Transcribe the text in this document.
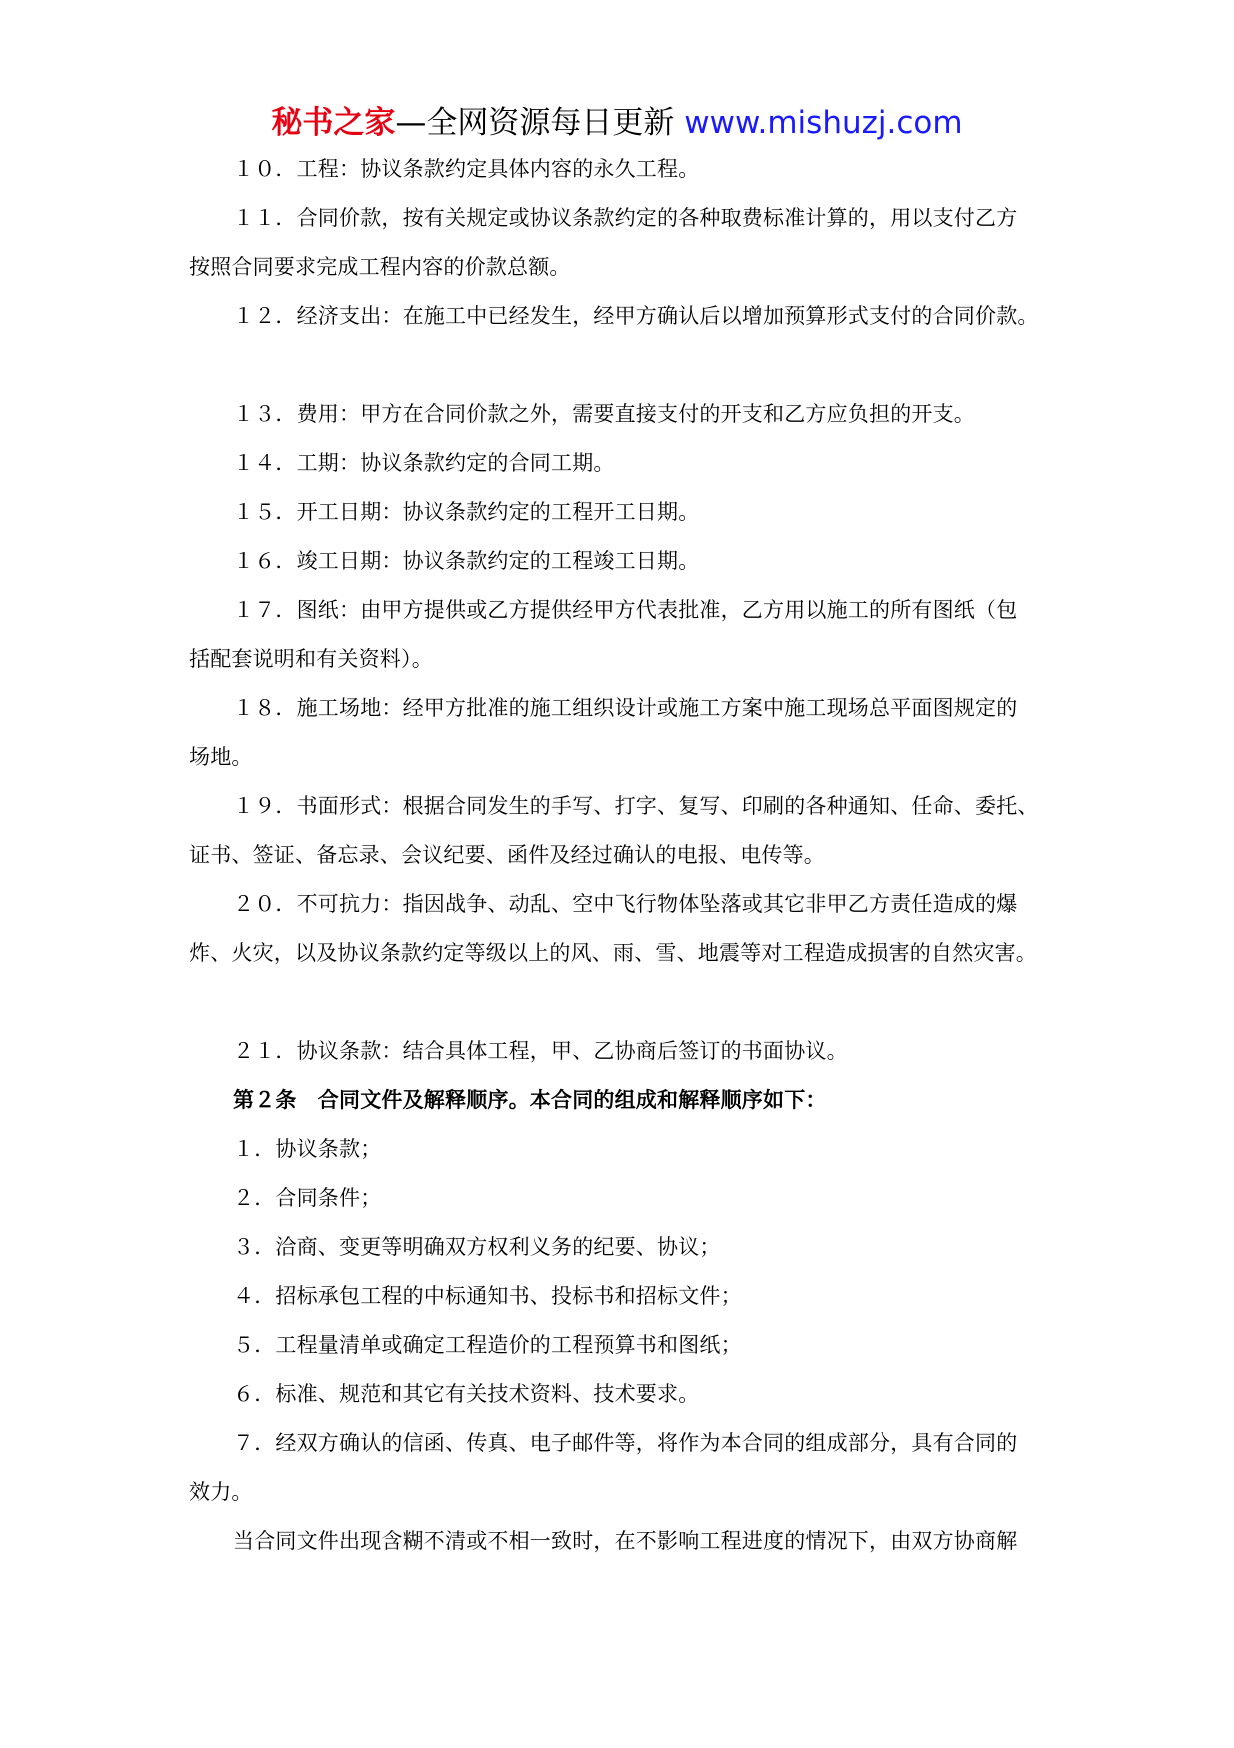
秘书之家—全网资源每日更新 www.mishuzj.com
１０．工程：协议条款约定具体内容的永久工程。
１１．合同价款，按有关规定或协议条款约定的各种取费标准计算的，用以支付乙方
按照合同要求完成工程内容的价款总额。
１２．经济支出：在施工中已经发生，经甲方确认后以增加预算形式支付的合同价款。
１３．费用：甲方在合同价款之外，需要直接支付的开支和乙方应负担的开支。
１４．工期：协议条款约定的合同工期。
１５．开工日期：协议条款约定的工程开工日期。
１６．竣工日期：协议条款约定的工程竣工日期。
１７．图纸：由甲方提供或乙方提供经甲方代表批准，乙方用以施工的所有图纸（包
括配套说明和有关资料）。
１８．施工场地：经甲方批准的施工组织设计或施工方案中施工现场总平面图规定的
场地。
１９．书面形式：根据合同发生的手写、打字、复写、印刷的各种通知、任命、委托、
证书、签证、备忘录、会议纪要、函件及经过确认的电报、电传等。
２０．不可抗力：指因战争、动乱、空中飞行物体坠落或其它非甲乙方责任造成的爆
炸、火灾，以及协议条款约定等级以上的风、雨、雪、地震等对工程造成损害的自然灾害。
２１．协议条款：结合具体工程，甲、乙协商后签订的书面协议。
第２条　合同文件及解释顺序。本合同的组成和解释顺序如下：
１．协议条款；
２．合同条件；
３．洽商、变更等明确双方权利义务的纪要、协议；
４．招标承包工程的中标通知书、投标书和招标文件；
５．工程量清单或确定工程造价的工程预算书和图纸；
６．标准、规范和其它有关技术资料、技术要求。
７．经双方确认的信函、传真、电子邮件等，将作为本合同的组成部分，具有合同的
效力。
当合同文件出现含糊不清或不相一致时，在不影响工程进度的情况下，由双方协商解
